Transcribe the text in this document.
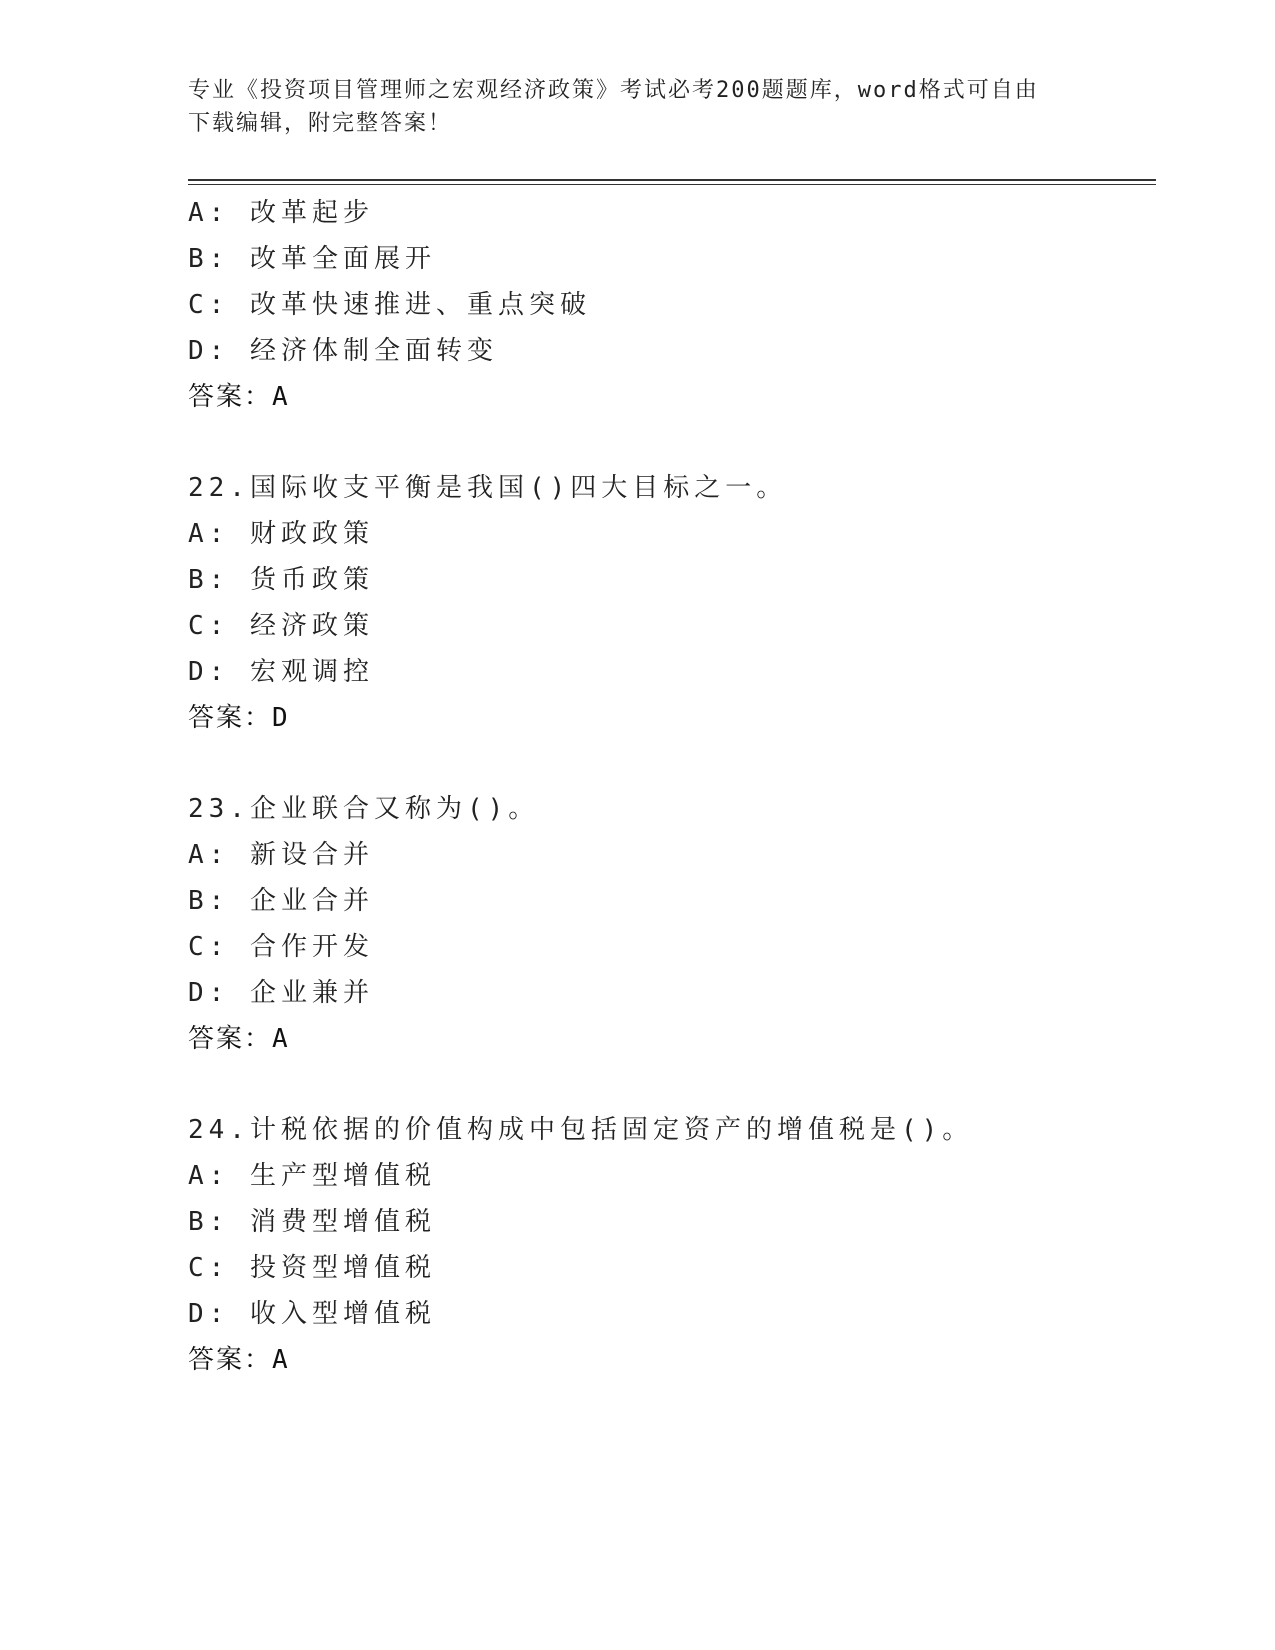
专业《投资项目管理师之宏观经济政策》考试必考200题题库，word格式可自由
下载编辑，附完整答案！
A: 改革起步
B: 改革全面展开
C: 改革快速推进、重点突破
D: 经济体制全面转变
答案：A
22.国际收支平衡是我国()四大目标之一。
A: 财政政策
B: 货币政策
C: 经济政策
D: 宏观调控
答案：D
23.企业联合又称为()。
A: 新设合并
B: 企业合并
C: 合作开发
D: 企业兼并
答案：A
24.计税依据的价值构成中包括固定资产的增值税是()。
A: 生产型增值税
B: 消费型增值税
C: 投资型增值税
D: 收入型增值税
答案：A
